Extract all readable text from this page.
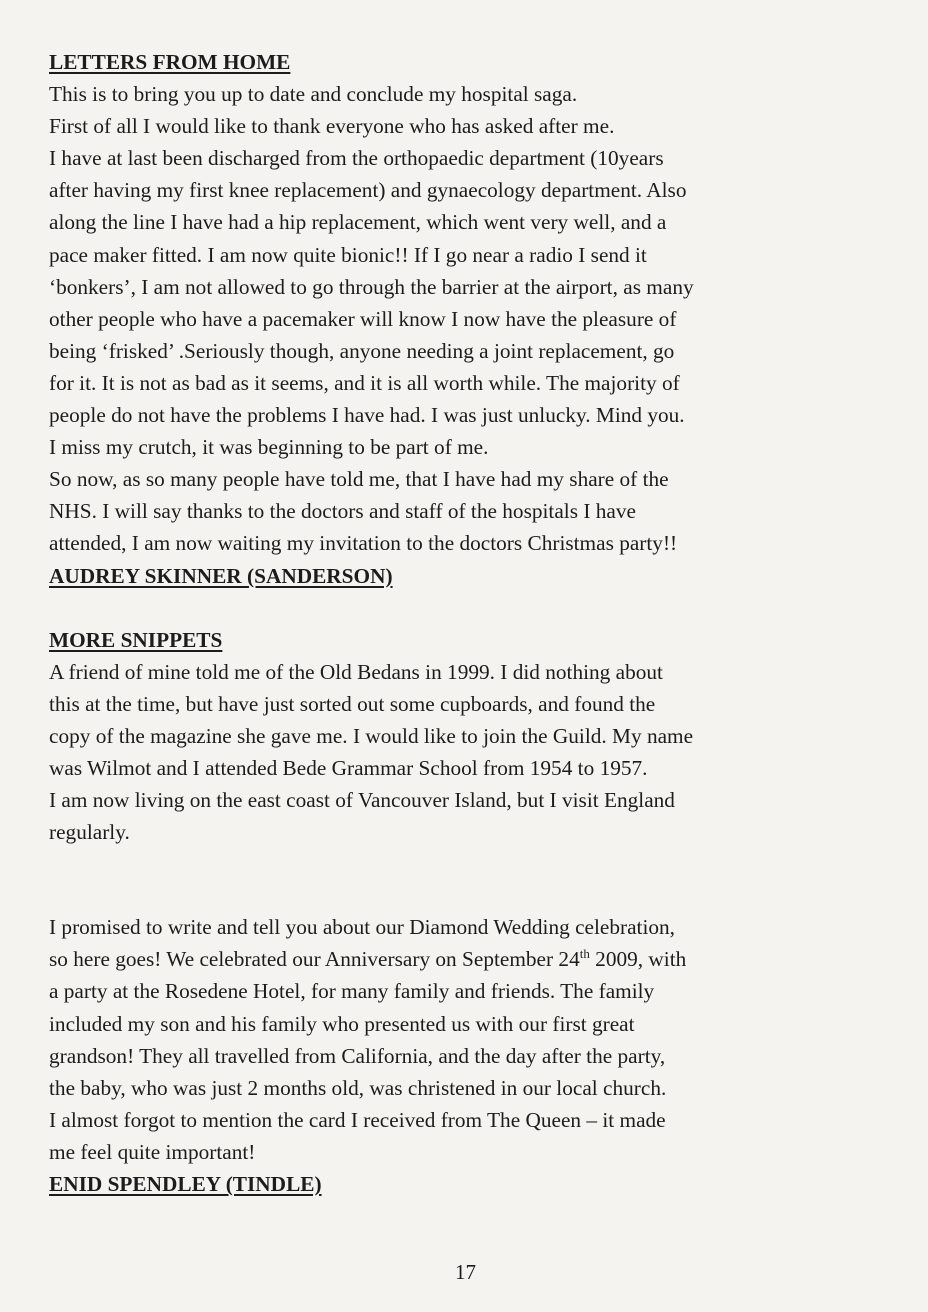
LETTERS FROM HOME
This is to bring you up to date and conclude my hospital saga.
First of all I would like to thank everyone who has asked after me.
I have at last been discharged from the orthopaedic department (10years
after having my first knee replacement) and gynaecology department. Also
along the line I have had a hip replacement, which went very well, and a
pace maker fitted. I am now quite bionic!! If I go near a radio I send it
‘bonkers’, I am not allowed to go through the barrier at the airport, as many
other people who have a pacemaker will know I now have the pleasure of
being ‘frisked’ .Seriously though, anyone needing a joint replacement, go
for it. It is not as bad as it seems, and it is all worth while. The majority of
people do not have the problems I have had. I was just unlucky. Mind you.
I miss my crutch, it was beginning to be part of me.
So now, as so many people have told me, that I have had my share of the
NHS. I will say thanks to the doctors and staff of the hospitals I have
attended, I am now waiting my invitation to the doctors Christmas party!!
AUDREY SKINNER (SANDERSON)
MORE SNIPPETS
A friend of mine told me of the Old Bedans in 1999. I did nothing about
this at the time, but have just sorted out some cupboards, and found the
copy of the magazine she gave me. I would like to join the Guild. My name
was Wilmot and I attended Bede Grammar School from 1954 to 1957.
I am now living on the east coast of Vancouver Island, but I visit England
regularly.
I promised to write and tell you about our Diamond Wedding celebration,
so here goes! We celebrated our Anniversary on September 24th 2009, with
a party at the Rosedene Hotel, for many family and friends. The family
included my son and his family who presented us with our first great
grandson! They all travelled from California, and the day after the party,
the baby, who was just 2 months old, was christened in our local church.
I almost forgot to mention the card I received from The Queen – it made
me feel quite important!
ENID SPENDLEY (TINDLE)
17
